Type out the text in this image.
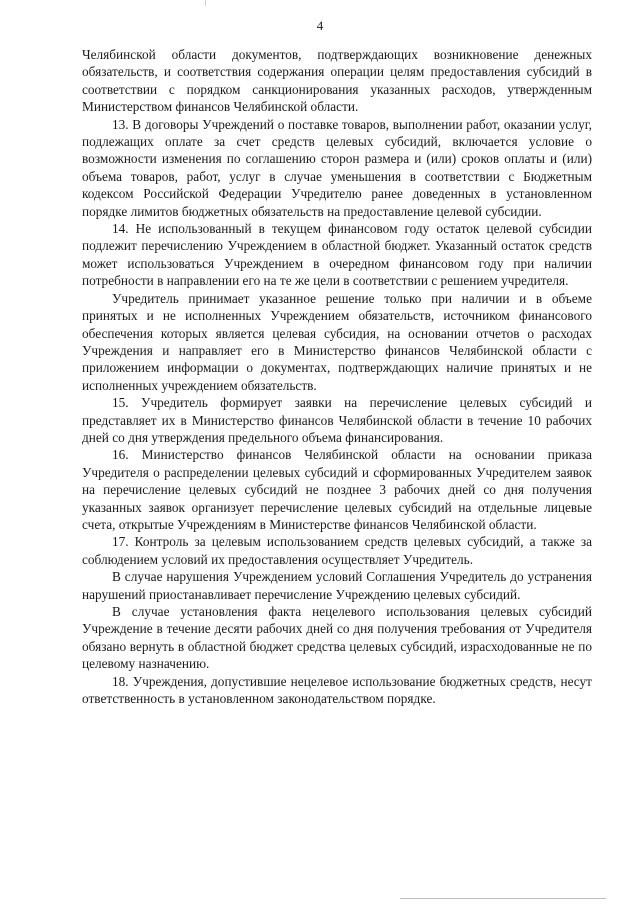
4

Челябинской области документов, подтверждающих возникновение денежных обязательств, и соответствия содержания операции целям предоставления субсидий в соответствии с порядком санкционирования указанных расходов, утвержденным Министерством финансов Челябинской области.

13. В договоры Учреждений о поставке товаров, выполнении работ, оказании услуг, подлежащих оплате за счет средств целевых субсидий, включается условие о возможности изменения по соглашению сторон размера и (или) сроков оплаты и (или) объема товаров, работ, услуг в случае уменьшения в соответствии с Бюджетным кодексом Российской Федерации Учредителю ранее доведенных в установленном порядке лимитов бюджетных обязательств на предоставление целевой субсидии.

14. Не использованный в текущем финансовом году остаток целевой субсидии подлежит перечислению Учреждением в областной бюджет. Указанный остаток средств может использоваться Учреждением в очередном финансовом году при наличии потребности в направлении его на те же цели в соответствии с решением учредителя.

Учредитель принимает указанное решение только при наличии и в объеме принятых и не исполненных Учреждением обязательств, источником финансового обеспечения которых является целевая субсидия, на основании отчетов о расходах Учреждения и направляет его в Министерство финансов Челябинской области с приложением информации о документах, подтверждающих наличие принятых и не исполненных учреждением обязательств.

15. Учредитель формирует заявки на перечисление целевых субсидий и представляет их в Министерство финансов Челябинской области в течение 10 рабочих дней со дня утверждения предельного объема финансирования.

16. Министерство финансов Челябинской области на основании приказа Учредителя о распределении целевых субсидий и сформированных Учредителем заявок на перечисление целевых субсидий не позднее 3 рабочих дней со дня получения указанных заявок организует перечисление целевых субсидий на отдельные лицевые счета, открытые Учреждениям в Министерстве финансов Челябинской области.

17. Контроль за целевым использованием средств целевых субсидий, а также за соблюдением условий их предоставления осуществляет Учредитель.

В случае нарушения Учреждением условий Соглашения Учредитель до устранения нарушений приостанавливает перечисление Учреждению целевых субсидий.

В случае установления факта нецелевого использования целевых субсидий Учреждение в течение десяти рабочих дней со дня получения требования от Учредителя обязано вернуть в областной бюджет средства целевых субсидий, израсходованные не по целевому назначению.

18. Учреждения, допустившие нецелевое использование бюджетных средств, несут ответственность в установленном законодательством порядке.
